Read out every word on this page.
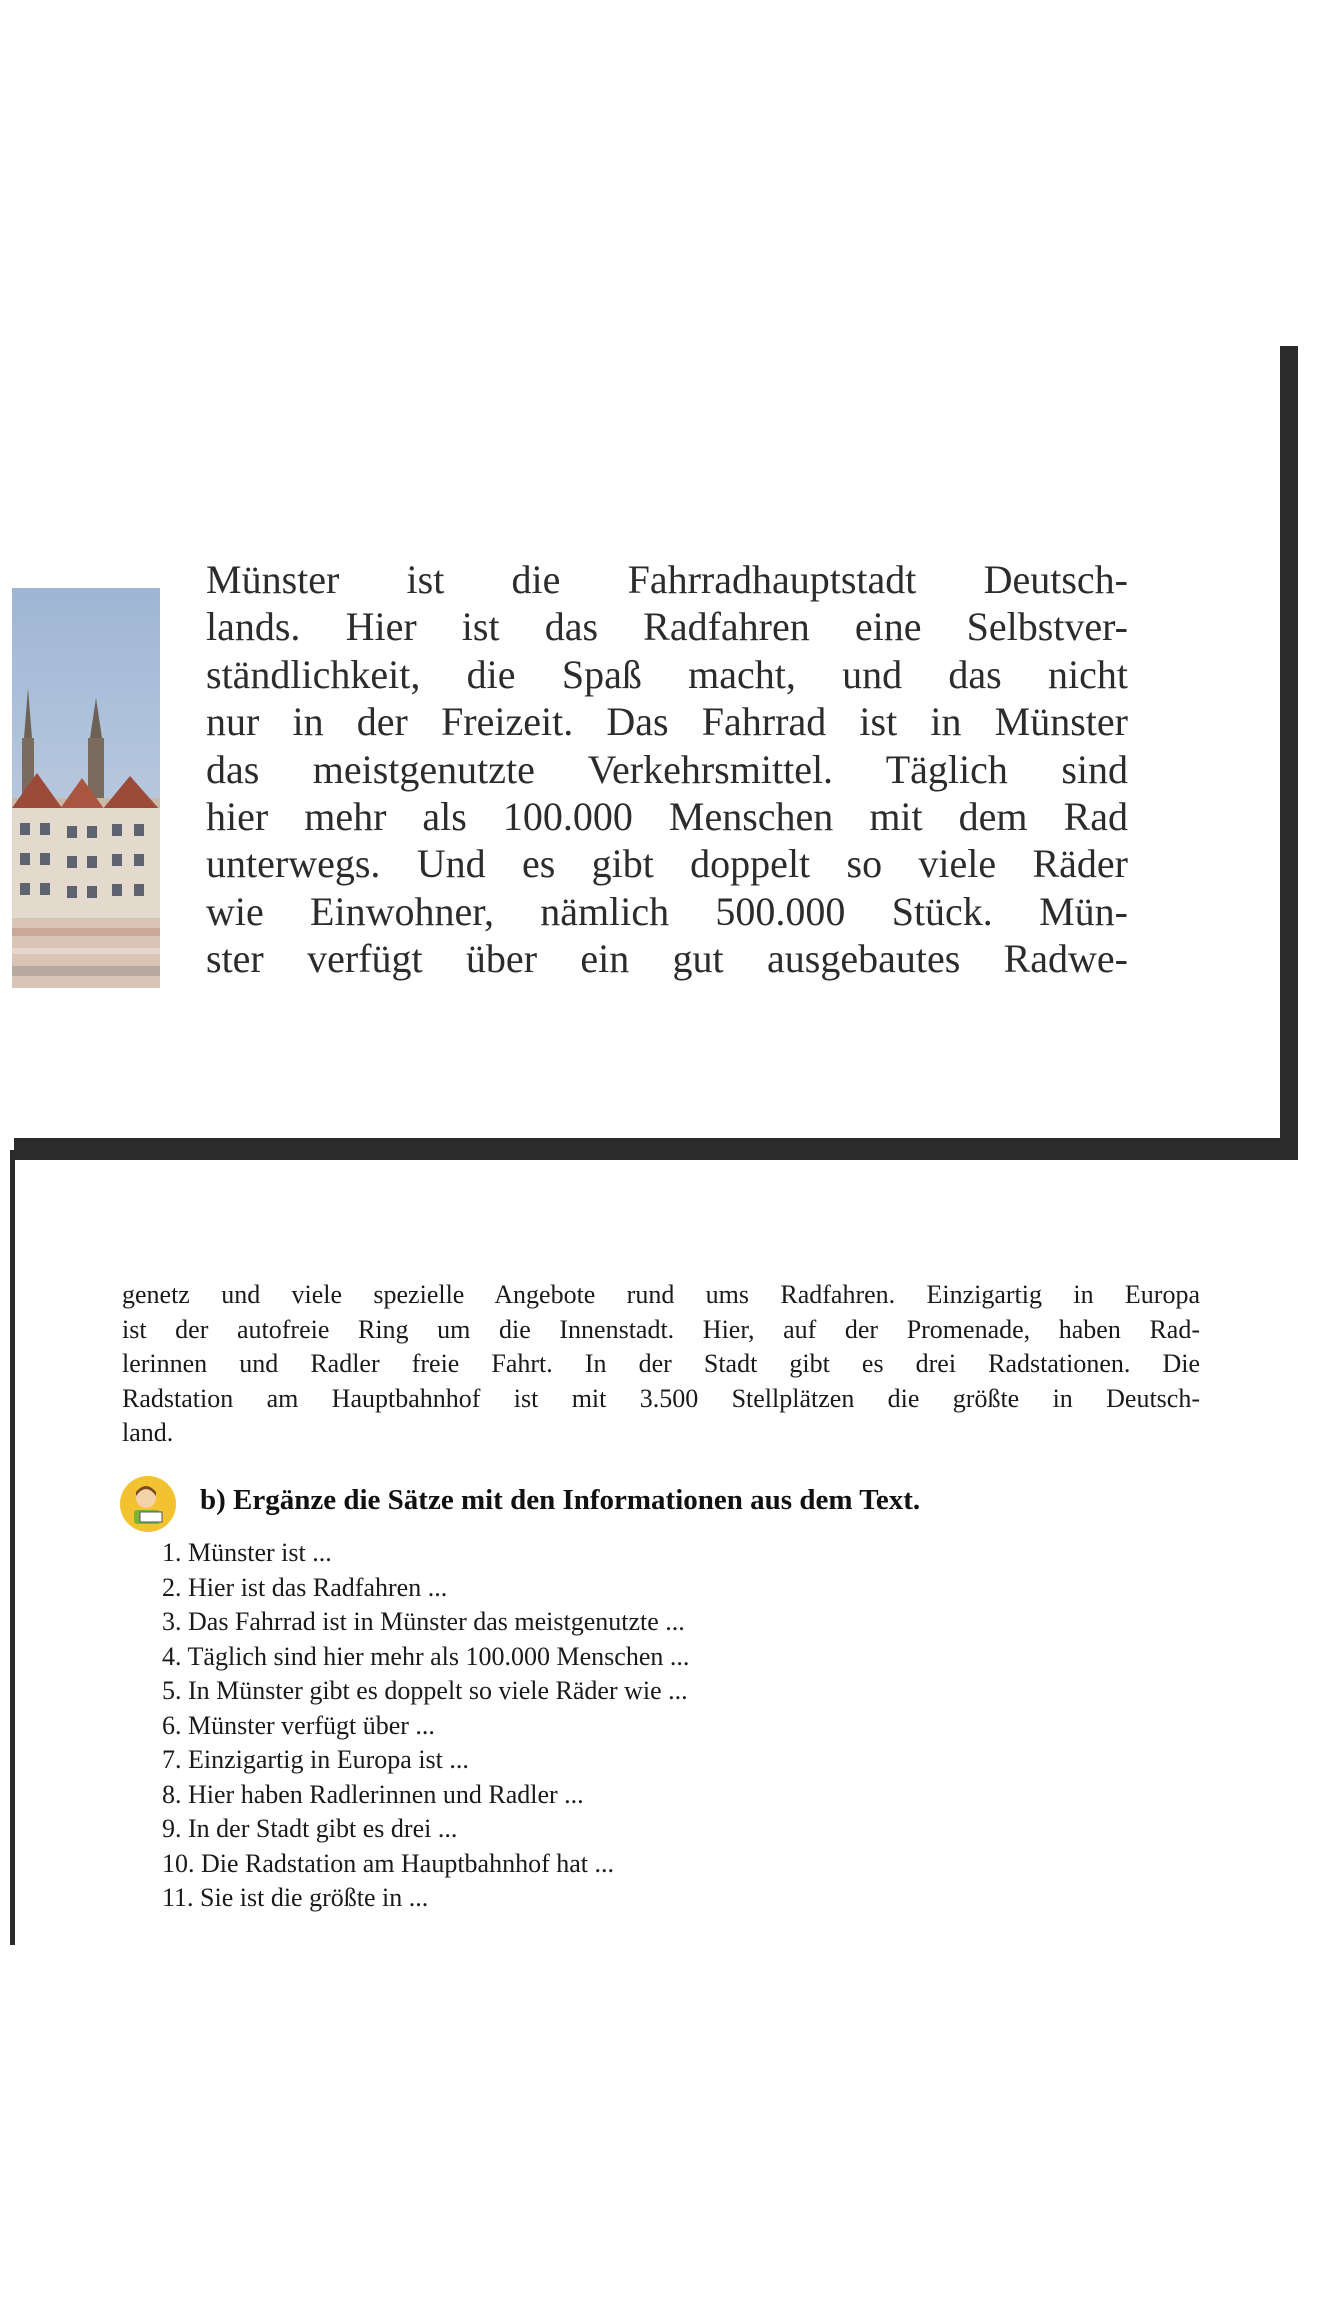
Münster ist die Fahrradhauptstadt Deutsch-
lands. Hier ist das Radfahren eine Selbstver-
ständlichkeit, die Spaß macht, und das nicht
nur in der Freizeit. Das Fahrrad ist in Münster
das meistgenutzte Verkehrsmittel. Täglich sind
hier mehr als 100.000 Menschen mit dem Rad
unterwegs. Und es gibt doppelt so viele Räder
wie Einwohner, nämlich 500.000 Stück. Mün-
ster verfügt über ein gut ausgebautes Radwe-

genetz und viele spezielle Angebote rund ums Radfahren. Einzigartig in Europa
ist der autofreie Ring um die Innenstadt. Hier, auf der Promenade, haben Rad-
lerinnen und Radler freie Fahrt. In der Stadt gibt es drei Radstationen. Die
Radstation am Hauptbahnhof ist mit 3.500 Stellplätzen die größte in Deutsch-
land.

b) Ergänze die Sätze mit den Informationen aus dem Text.

1. Münster ist ...
2. Hier ist das Radfahren ...
3. Das Fahrrad ist in Münster das meistgenutzte ...
4. Täglich sind hier mehr als 100.000 Menschen ...
5. In Münster gibt es doppelt so viele Räder wie ...
6. Münster verfügt über ...
7. Einzigartig in Europa ist ...
8. Hier haben Radlerinnen und Radler ...
9. In der Stadt gibt es drei ...
10. Die Radstation am Hauptbahnhof hat ...
11. Sie ist die größte in ...
